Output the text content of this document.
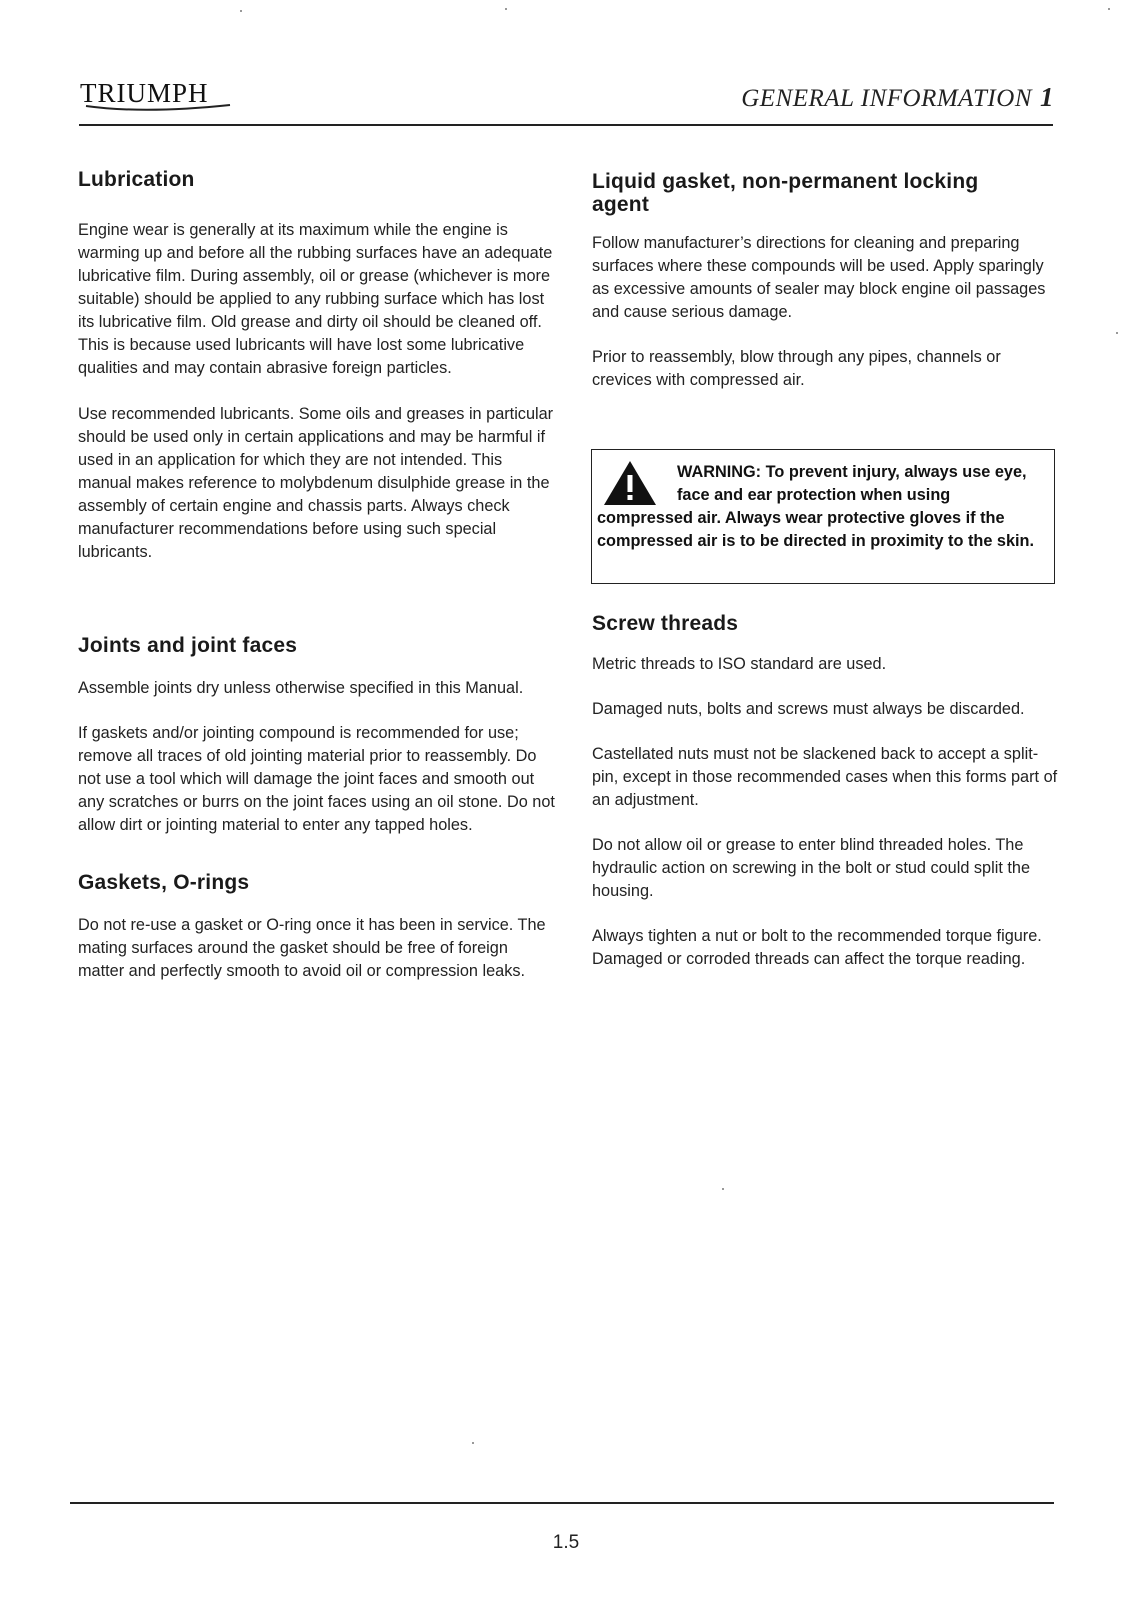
TRIUMPH	GENERAL INFORMATION 1
Lubrication

Engine wear is generally at its maximum while the engine is warming up and before all the rubbing surfaces have an adequate lubricative film. During assembly, oil or grease (whichever is more suitable) should be applied to any rubbing surface which has lost its lubricative film. Old grease and dirty oil should be cleaned off. This is because used lubricants will have lost some lubricative qualities and may contain abrasive foreign particles.

Use recommended lubricants. Some oils and greases in particular should be used only in certain applications and may be harmful if used in an application for which they are not intended. This manual makes reference to molybdenum disulphide grease in the assembly of certain engine and chassis parts. Always check manufacturer recommendations before using such special lubricants.

Joints and joint faces

Assemble joints dry unless otherwise specified in this Manual.

If gaskets and/or jointing compound is recommended for use; remove all traces of old jointing material prior to reassembly. Do not use a tool which will damage the joint faces and smooth out any scratches or burrs on the joint faces using an oil stone. Do not allow dirt or jointing material to enter any tapped holes.

Gaskets, O-rings

Do not re-use a gasket or O-ring once it has been in service. The mating surfaces around the gasket should be free of foreign matter and perfectly smooth to avoid oil or compression leaks.

Liquid gasket, non-permanent locking agent

Follow manufacturer’s directions for cleaning and preparing surfaces where these compounds will be used. Apply sparingly as excessive amounts of sealer may block engine oil passages and cause serious damage.

Prior to reassembly, blow through any pipes, channels or crevices with compressed air.

WARNING: To prevent injury, always use eye, face and ear protection when using compressed air. Always wear protective gloves if the compressed air is to be directed in proximity to the skin.
Screw threads

Metric threads to ISO standard are used.

Damaged nuts, bolts and screws must always be discarded.

Castellated nuts must not be slackened back to accept a split-pin, except in those recommended cases when this forms part of an adjustment.

Do not allow oil or grease to enter blind threaded holes. The hydraulic action on screwing in the bolt or stud could split the housing.

Always tighten a nut or bolt to the recommended torque figure. Damaged or corroded threads can affect the torque reading.

1.5
